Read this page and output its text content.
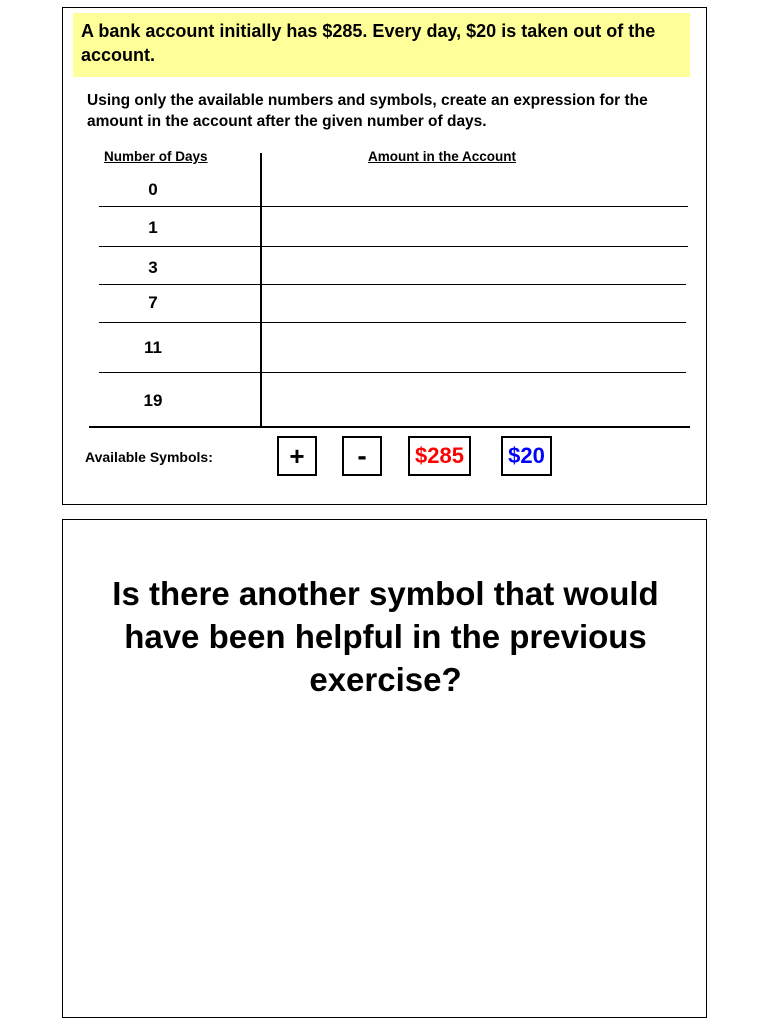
A bank account initially has $285. Every day, $20 is taken out of the account.
Using only the available numbers and symbols, create an expression for the amount in the account after the given number of days.
Number of Days	Amount in the Account
0
1
3
7
11
19
Available Symbols:	+	-	$285	$20
Is there another symbol that would have been helpful in the previous exercise?
